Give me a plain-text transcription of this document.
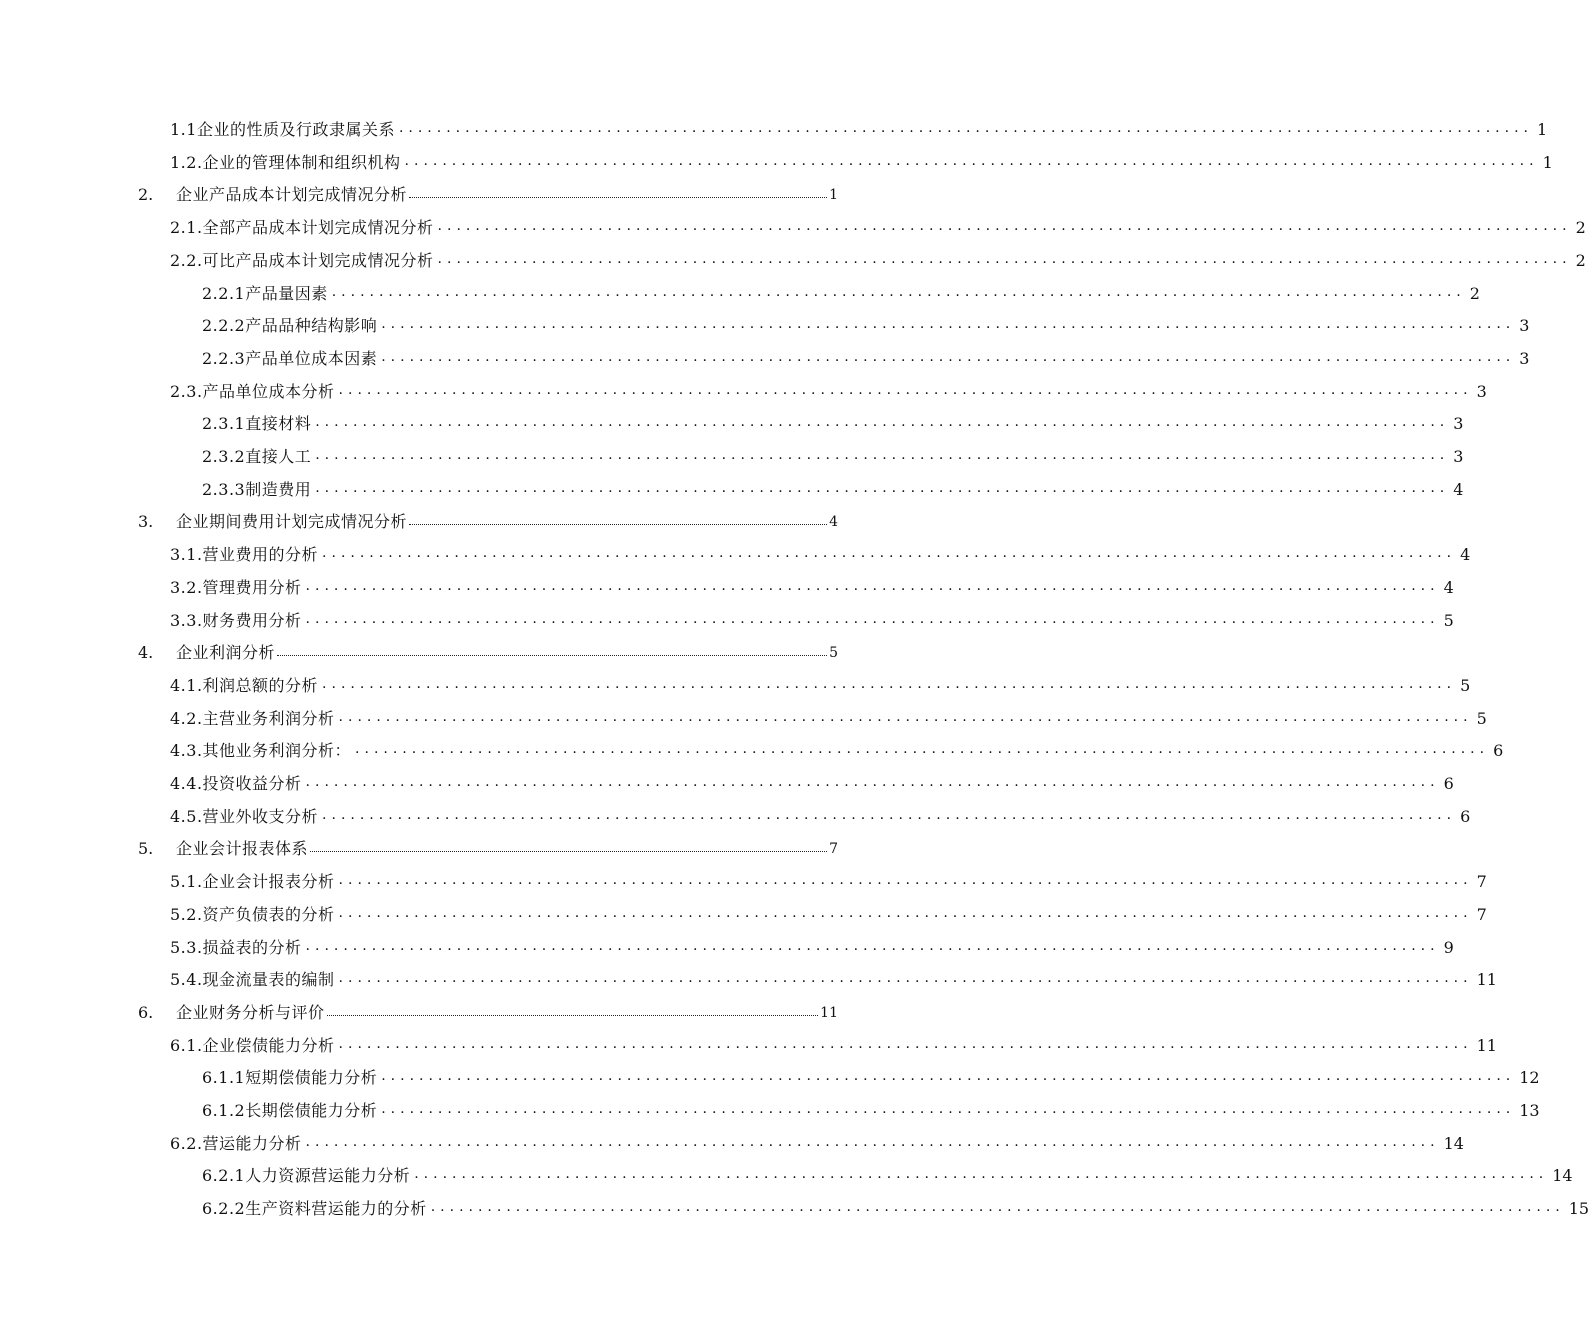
1.1企业的性质及行政隶属关系 ........................................................................................................................ 1
1.2.企业的管理体制和组织机构 ........................................................................................................................ 1
2.	企业产品成本计划完成情况分析	1
2.1.全部产品成本计划完成情况分析 ........................................................................................................................ 2
2.2.可比产品成本计划完成情况分析 ........................................................................................................................ 2
2.2.1产品量因素 ........................................................................................................................ 2
2.2.2产品品种结构影响 ........................................................................................................................ 3
2.2.3产品单位成本因素 ........................................................................................................................ 3
2.3.产品单位成本分析 ........................................................................................................................ 3
2.3.1直接材料 ........................................................................................................................ 3
2.3.2直接人工 ........................................................................................................................ 3
2.3.3制造费用 ........................................................................................................................ 4
3.	企业期间费用计划完成情况分析	4
3.1.营业费用的分析 ........................................................................................................................ 4
3.2.管理费用分析 ........................................................................................................................ 4
3.3.财务费用分析 ........................................................................................................................ 5
4.	企业利润分析	5
4.1.利润总额的分析 ........................................................................................................................ 5
4.2.主营业务利润分析 ........................................................................................................................ 5
4.3.其他业务利润分析： ........................................................................................................................ 6
4.4.投资收益分析 ........................................................................................................................ 6
4.5.营业外收支分析 ........................................................................................................................ 6
5.	企业会计报表体系	7
5.1.企业会计报表分析 ........................................................................................................................ 7
5.2.资产负债表的分析 ........................................................................................................................ 7
5.3.损益表的分析 ........................................................................................................................ 9
5.4.现金流量表的编制 ........................................................................................................................ 11
6.	企业财务分析与评价	11
6.1.企业偿债能力分析 ........................................................................................................................ 11
6.1.1短期偿债能力分析 ........................................................................................................................ 12
6.1.2长期偿债能力分析 ........................................................................................................................ 13
6.2.营运能力分析 ........................................................................................................................ 14
6.2.1人力资源营运能力分析 ........................................................................................................................ 14
6.2.2生产资料营运能力的分析 ........................................................................................................................ 15
